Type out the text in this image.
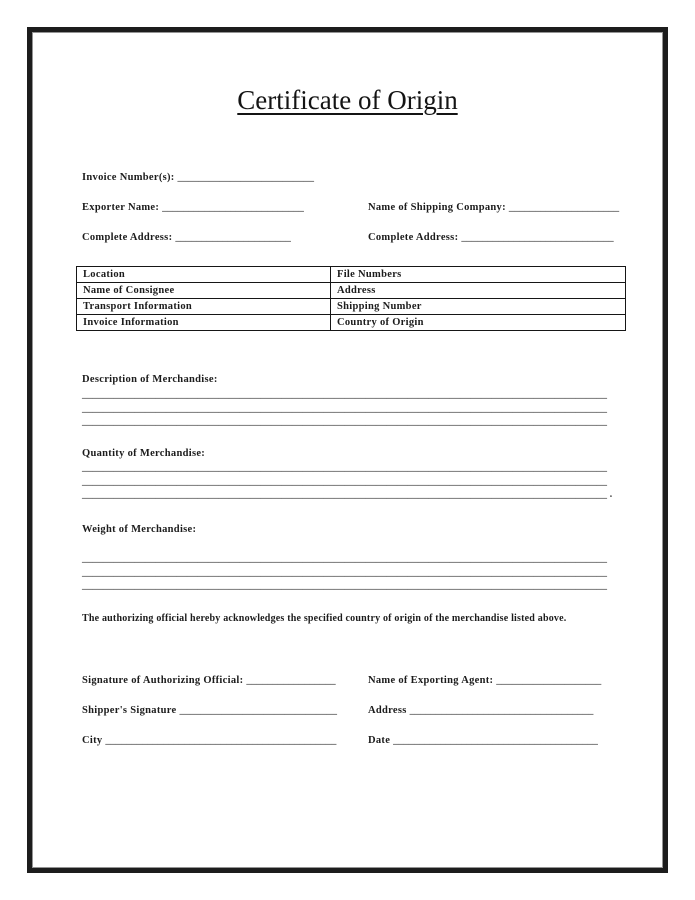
Certificate of Origin
Invoice Number(s): __________________________
Exporter Name: ___________________________	Name of Shipping Company: _____________________
Complete Address: ______________________	Complete Address: _____________________________
Location	File Numbers
Name of Consignee	Address
Transport Information	Shipping Number
Invoice Information	Country of Origin
Description of Merchandise:
____________________________________________________________________________________________________
____________________________________________________________________________________________________
____________________________________________________________________________________________________
Quantity of Merchandise:
____________________________________________________________________________________________________
____________________________________________________________________________________________________
____________________________________________________________________________________________________ .
Weight of Merchandise:
____________________________________________________________________________________________________
____________________________________________________________________________________________________
____________________________________________________________________________________________________
The authorizing official hereby acknowledges the specified country of origin of the merchandise listed above.
Signature of Authorizing Official: _________________	Name of Exporting Agent: ____________________
Shipper's Signature ______________________________	Address ___________________________________
City ____________________________________________	Date _______________________________________
